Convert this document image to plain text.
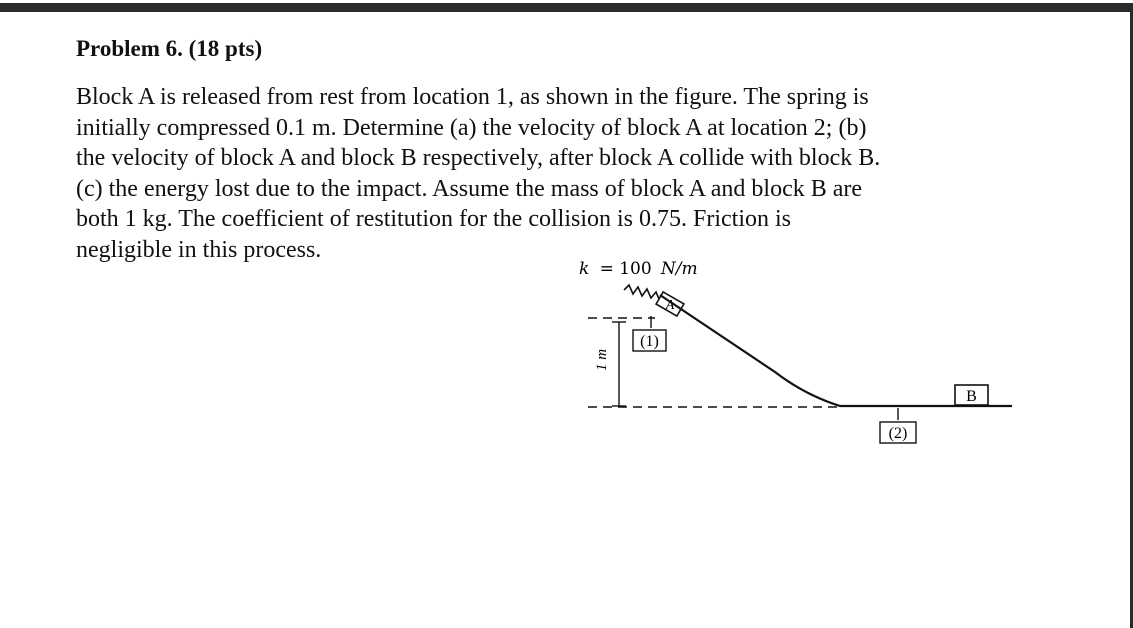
Problem 6. (18 pts)
Block A is released from rest from location 1, as shown in the figure. The spring is
initially compressed 0.1 m. Determine (a) the velocity of block A at location 2; (b)
the velocity of block A and block B respectively, after block A collide with block B.
(c) the energy lost due to the impact. Assume the mass of block A and block B are
both 1 kg. The coefficient of restitution for the collision is 0.75. Friction is
negligible in this process.
k = 100 N/m
A
1 m
(1)
(2)
B
